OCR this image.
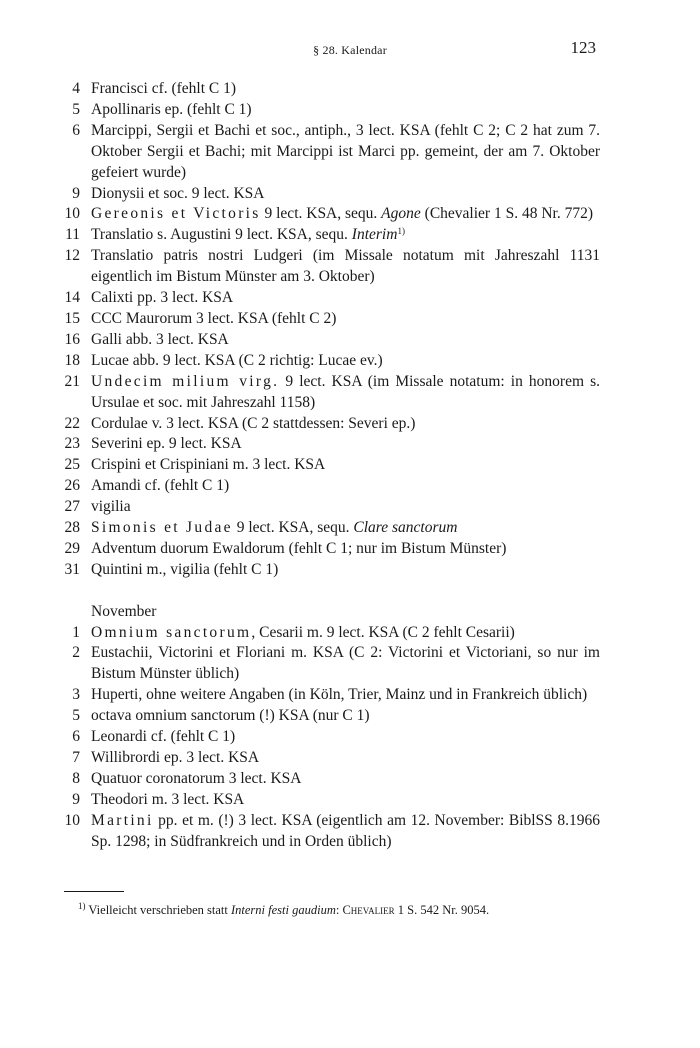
§ 28. Kalendar	123
4 Francisci cf. (fehlt C 1)
5 Apollinaris ep. (fehlt C 1)
6 Marcippi, Sergii et Bachi et soc., antiph., 3 lect. KSA (fehlt C 2; C 2 hat zum 7. Oktober Sergii et Bachi; mit Marcippi ist Marci pp. gemeint, der am 7. Oktober gefeiert wurde)
9 Dionysii et soc. 9 lect. KSA
10 Gereonis et Victoris 9 lect. KSA, sequ. Agone (Chevalier 1 S. 48 Nr. 772)
11 Translatio s. Augustini 9 lect. KSA, sequ. Interim$^{1)}$
12 Translatio patris nostri Ludgeri (im Missale notatum mit Jahreszahl 1131 eigentlich im Bistum Münster am 3. Oktober)
14 Calixti pp. 3 lect. KSA
15 CCC Maurorum 3 lect. KSA (fehlt C 2)
16 Galli abb. 3 lect. KSA
18 Lucae abb. 9 lect. KSA (C 2 richtig: Lucae ev.)
21 Undecim milium virg. 9 lect. KSA (im Missale notatum: in honorem s. Ursulae et soc. mit Jahreszahl 1158)
22 Cordulae v. 3 lect. KSA (C 2 stattdessen: Severi ep.)
23 Severini ep. 9 lect. KSA
25 Crispini et Crispiniani m. 3 lect. KSA
26 Amandi cf. (fehlt C 1)
27 vigilia
28 Simonis et Judae 9 lect. KSA, sequ. Clare sanctorum
29 Adventum duorum Ewaldorum (fehlt C 1; nur im Bistum Münster)
31 Quintini m., vigilia (fehlt C 1)
November
1 Omnium sanctorum, Cesarii m. 9 lect. KSA (C 2 fehlt Cesarii)
2 Eustachii, Victorini et Floriani m. KSA (C 2: Victorini et Victoriani, so nur im Bistum Münster üblich)
3 Huperti, ohne weitere Angaben (in Köln, Trier, Mainz und in Frankreich üblich)
5 octava omnium sanctorum (!) KSA (nur C 1)
6 Leonardi cf. (fehlt C 1)
7 Willibrordi ep. 3 lect. KSA
8 Quatuor coronatorum 3 lect. KSA
9 Theodori m. 3 lect. KSA
10 Martini pp. et m. (!) 3 lect. KSA (eigentlich am 12. November: BiblSS 8.1966 Sp. 1298; in Südfrankreich und in Orden üblich)
$^{1)}$ Vielleicht verschrieben statt Interni festi gaudium: Chevalier 1 S. 542 Nr. 9054.
